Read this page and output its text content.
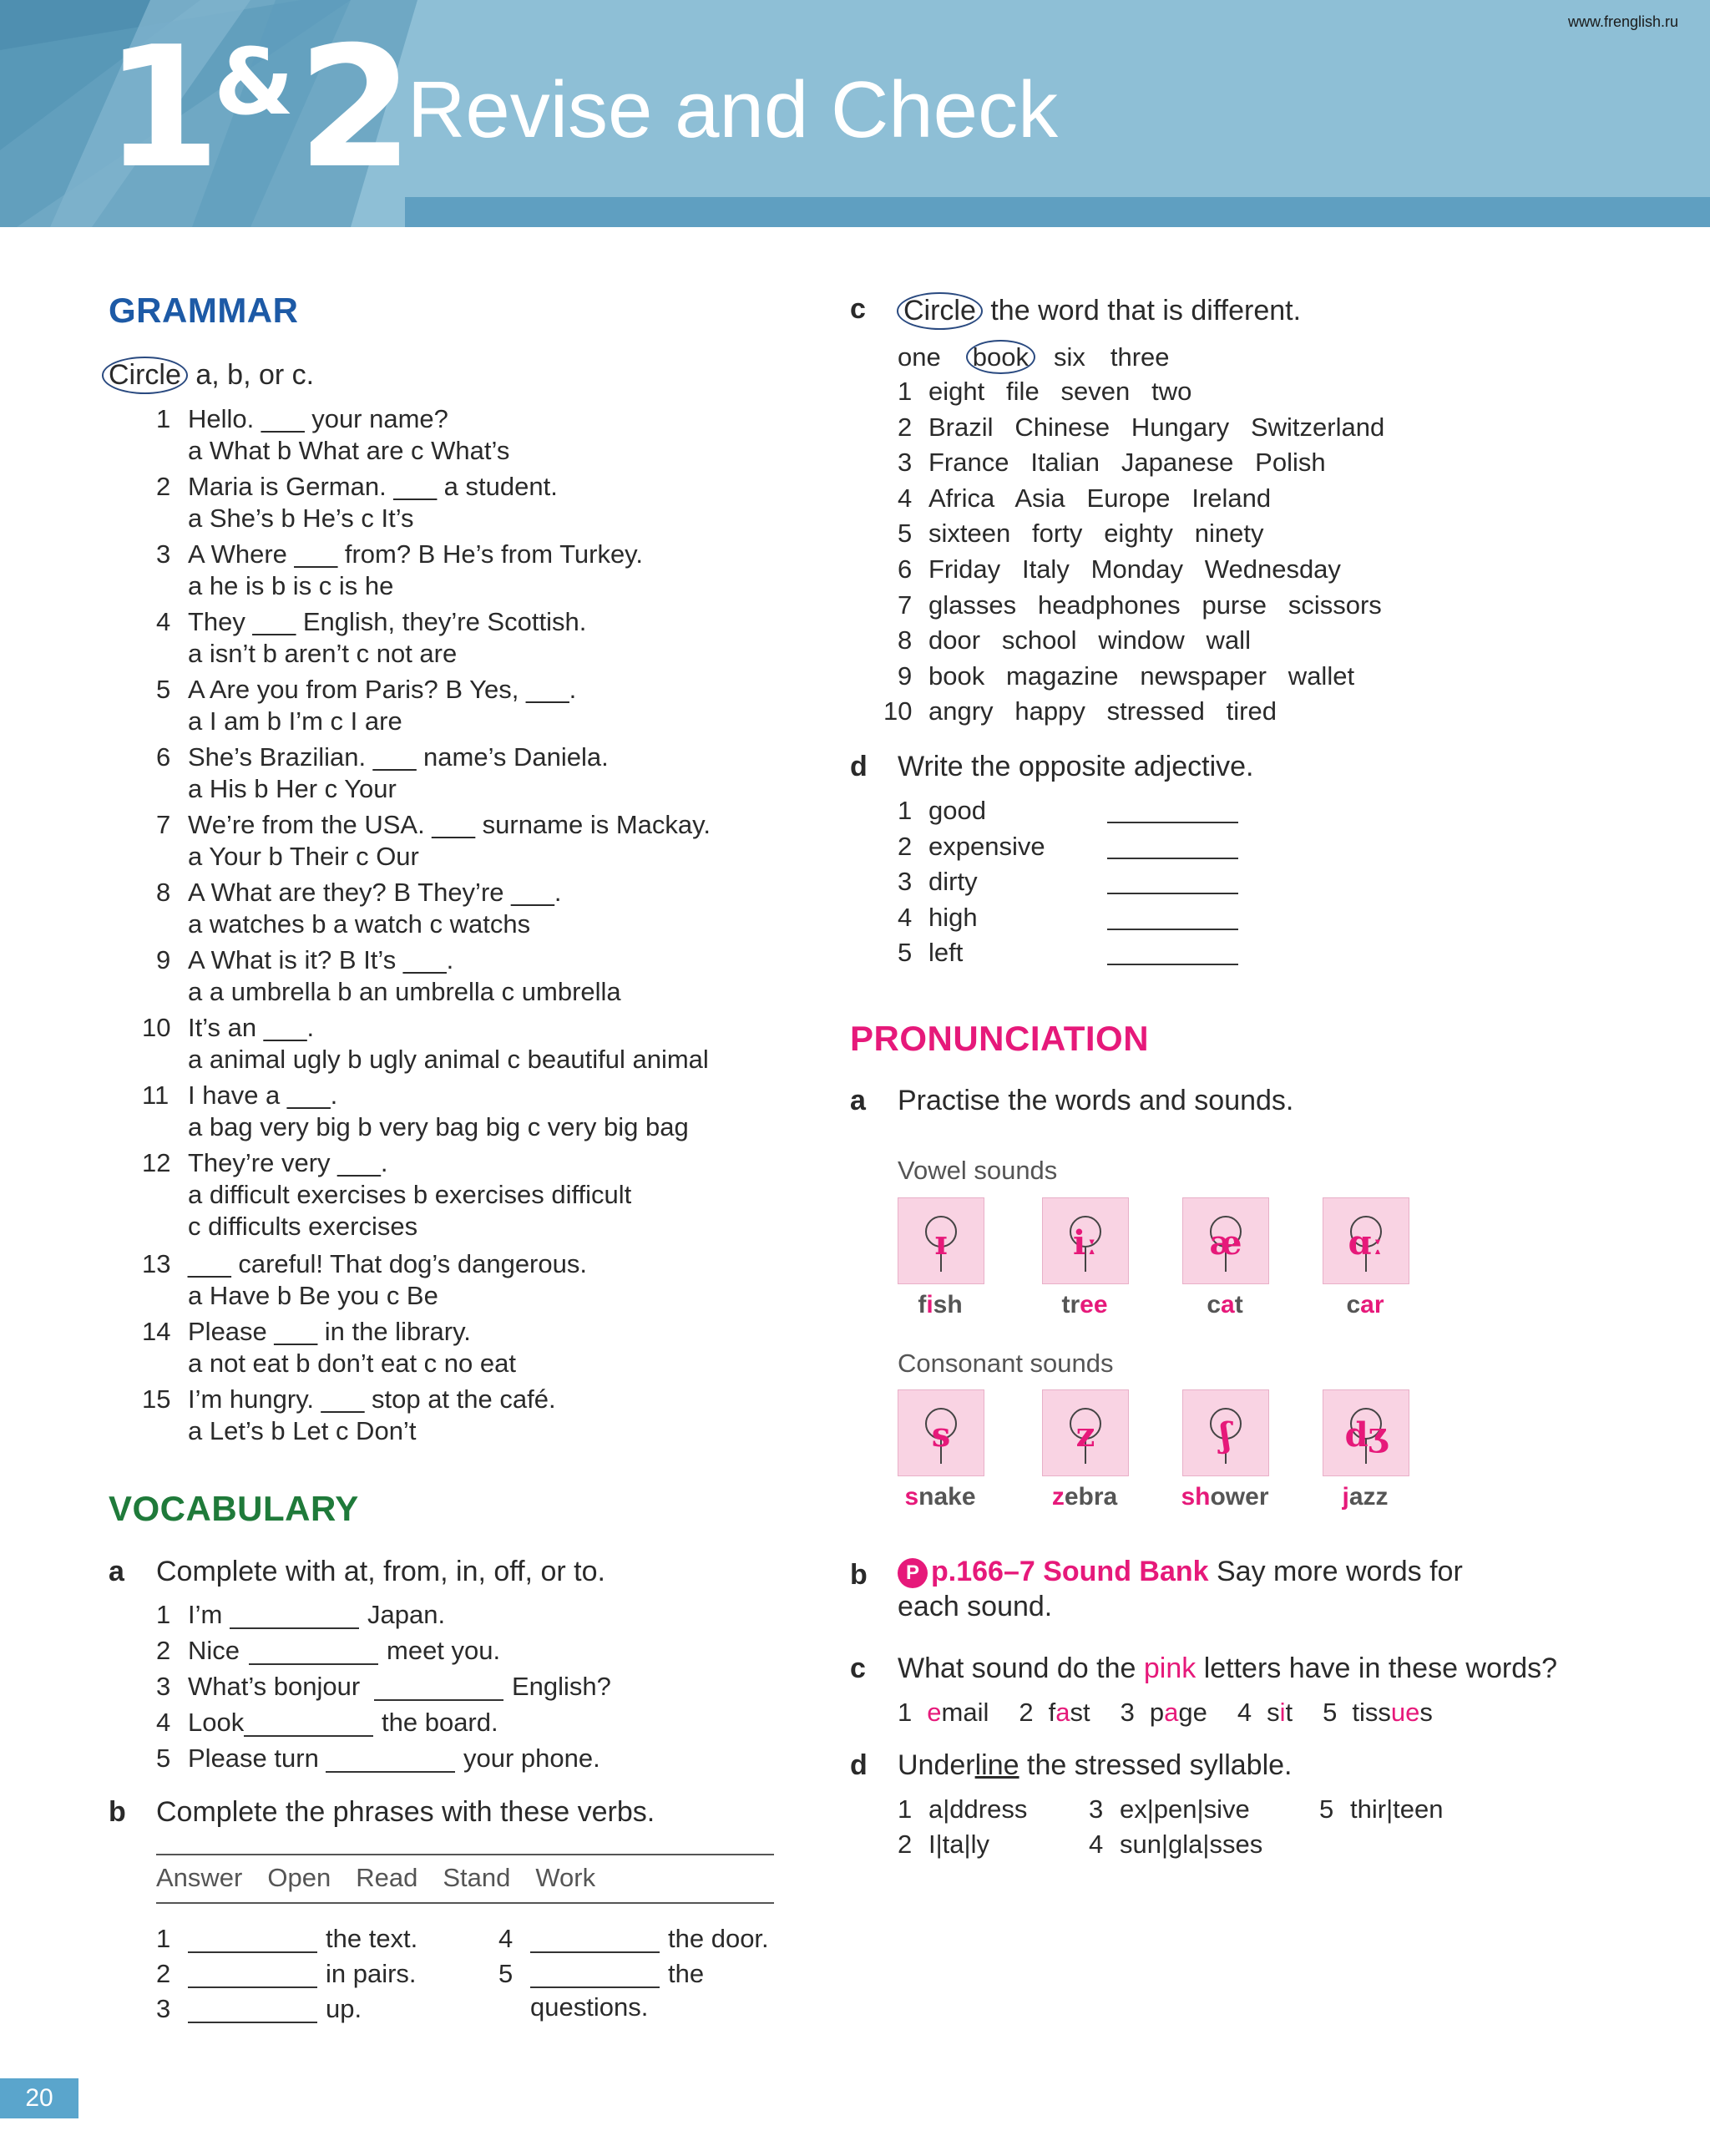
1&2 Revise and Check
www.frenglish.ru
GRAMMAR
Circle a, b, or c.
1 Hello. ___ your name?
a What b What are c What’s
2 Maria is German. ___ a student.
a She’s b He’s c It’s
3 A Where ___ from? B He’s from Turkey.
a he is b is c is he
4 They ___ English, they’re Scottish.
a isn’t b aren’t c not are
5 A Are you from Paris? B Yes, ___.
a I am b I’m c I are
6 She’s Brazilian. ___ name’s Daniela.
a His b Her c Your
7 We’re from the USA. ___ surname is Mackay.
a Your b Their c Our
8 A What are they? B They’re ___.
a watches b a watch c watchs
9 A What is it? B It’s ___.
a a umbrella b an umbrella c umbrella
10 It’s an ___.
a animal ugly b ugly animal c beautiful animal
11 I have a ___.
a bag very big b very bag big c very big bag
12 They’re very ___.
a difficult exercises b exercises difficult
c difficults exercises
13 ___ careful! That dog’s dangerous.
a Have b Be you c Be
14 Please ___ in the library.
a not eat b don’t eat c no eat
15 I’m hungry. ___ stop at the café.
a Let’s b Let c Don’t
VOCABULARY
a Complete with at, from, in, off, or to.
1 I’m	Japan.
2 Nice	meet you.
3 What’s bonjour	English?
4 Look	the board.
5 Please turn	your phone.
b Complete the phrases with these verbs.
Answer Open Read Stand Work
1	the text.
2	in pairs.
3	up.
4	the door.
5	the
questions.
c Circle the word that is different.
one book six three
1 eight   file   seven   two
2 Brazil   Chinese   Hungary   Switzerland
3 France   Italian   Japanese   Polish
4 Africa   Asia   Europe   Ireland
5 sixteen   forty   eighty   ninety
6 Friday   Italy   Monday   Wednesday
7 glasses   headphones   purse   scissors
8 door   school   window   wall
9 book   magazine   newspaper   wallet
10 angry   happy   stressed   tired
d Write the opposite adjective.
1 good
2 expensive
3 dirty
4 high
5 left
PRONUNCIATION
a Practise the words and sounds.
Vowel sounds
Consonant sounds
ɪ
fish
iː
tree
æ
cat
ɑː
car
s
snake
z
zebra
ʃ
shower
dʒ
jazz
b	P p.166–7 Sound Bank Say more words for
each sound.
c What sound do the pink letters have in these words?
1 email 2 fast 3 page 4 sit 5 tissues
d Underline the stressed syllable.
1 a|ddress 3 ex|pen|sive	5 thir|teen
2 I|ta|ly	4 sun|gla|sses
20
